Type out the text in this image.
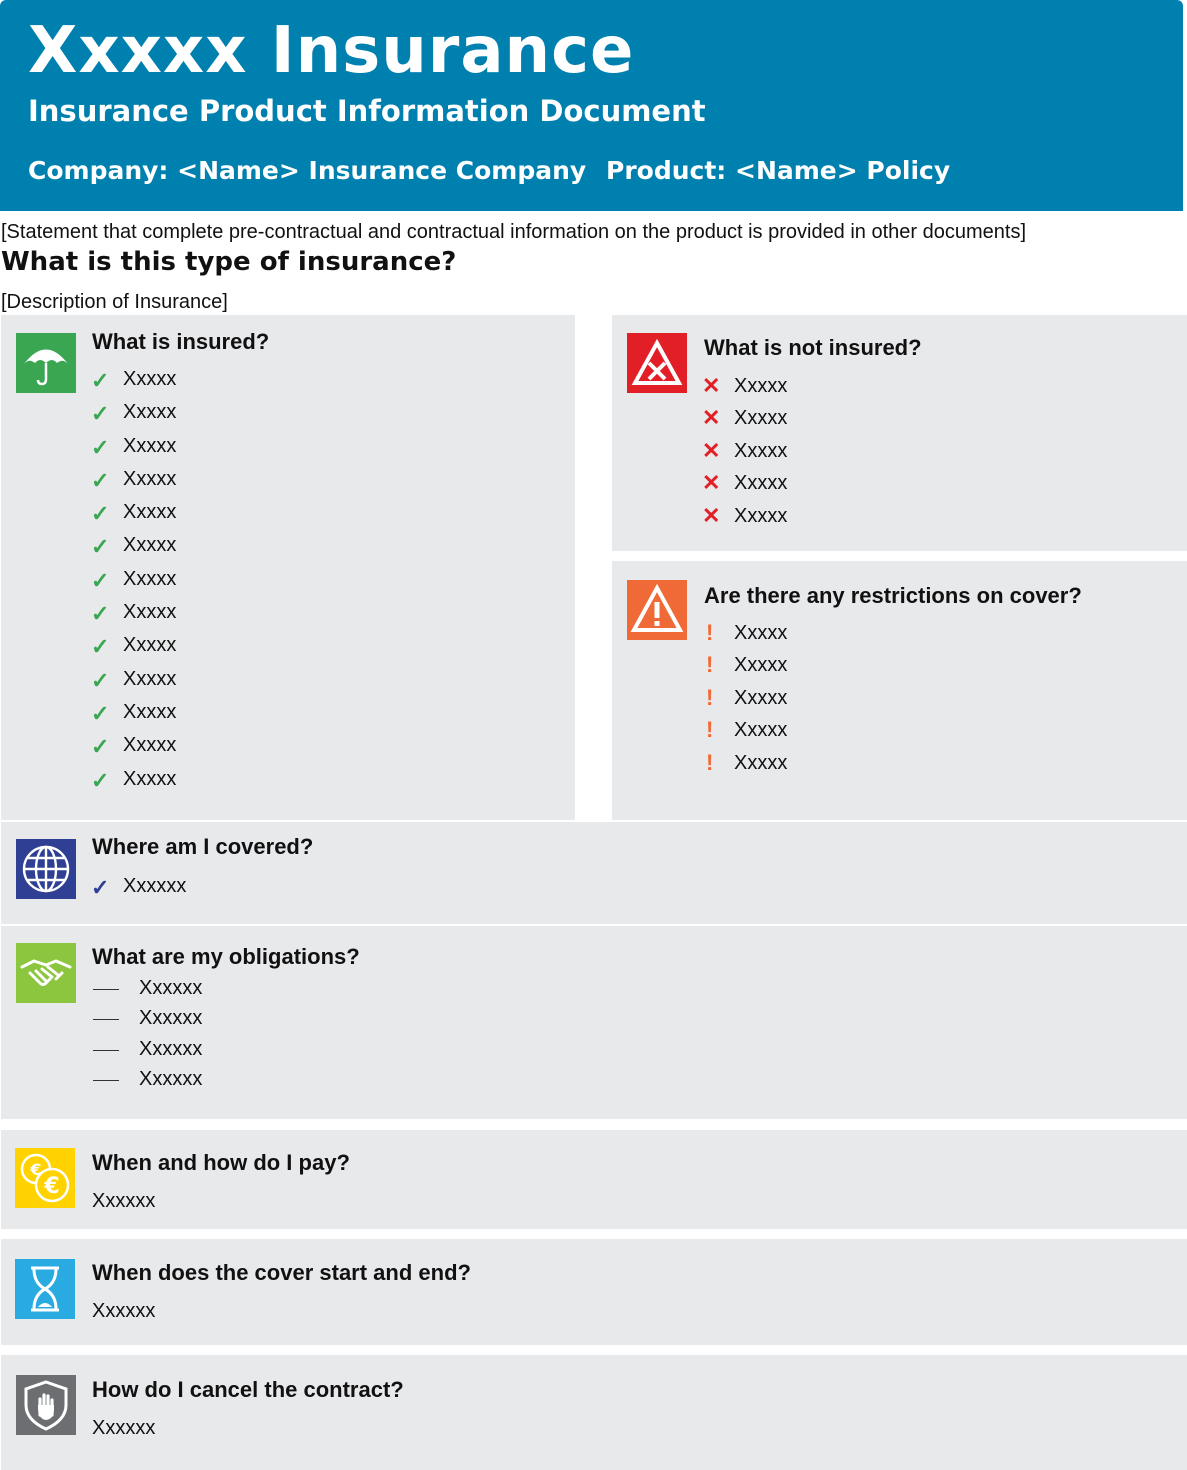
Xxxxx Insurance
Insurance Product Information Document
Company: <Name> Insurance Company Product: <Name> Policy
[Statement that complete pre-contractual and contractual information on the product is provided in other documents]
What is this type of insurance?
[Description of Insurance]
What is insured?
✓ Xxxxx
✓ Xxxxx
✓ Xxxxx
✓ Xxxxx
✓ Xxxxx
✓ Xxxxx
✓ Xxxxx
✓ Xxxxx
✓ Xxxxx
✓ Xxxxx
✓ Xxxxx
✓ Xxxxx
✓ Xxxxx
What is not insured?
✕ Xxxxx
✕ Xxxxx
✕ Xxxxx
✕ Xxxxx
✕ Xxxxx
Are there any restrictions on cover?
! Xxxxx
! Xxxxx
! Xxxxx
! Xxxxx
! Xxxxx
Where am I covered?
✓ Xxxxxx
What are my obligations?
Xxxxxx
Xxxxxx
Xxxxxx
Xxxxxx
€
€
When and how do I pay?
Xxxxxx
When does the cover start and end?
Xxxxxx
How do I cancel the contract?
Xxxxxx
